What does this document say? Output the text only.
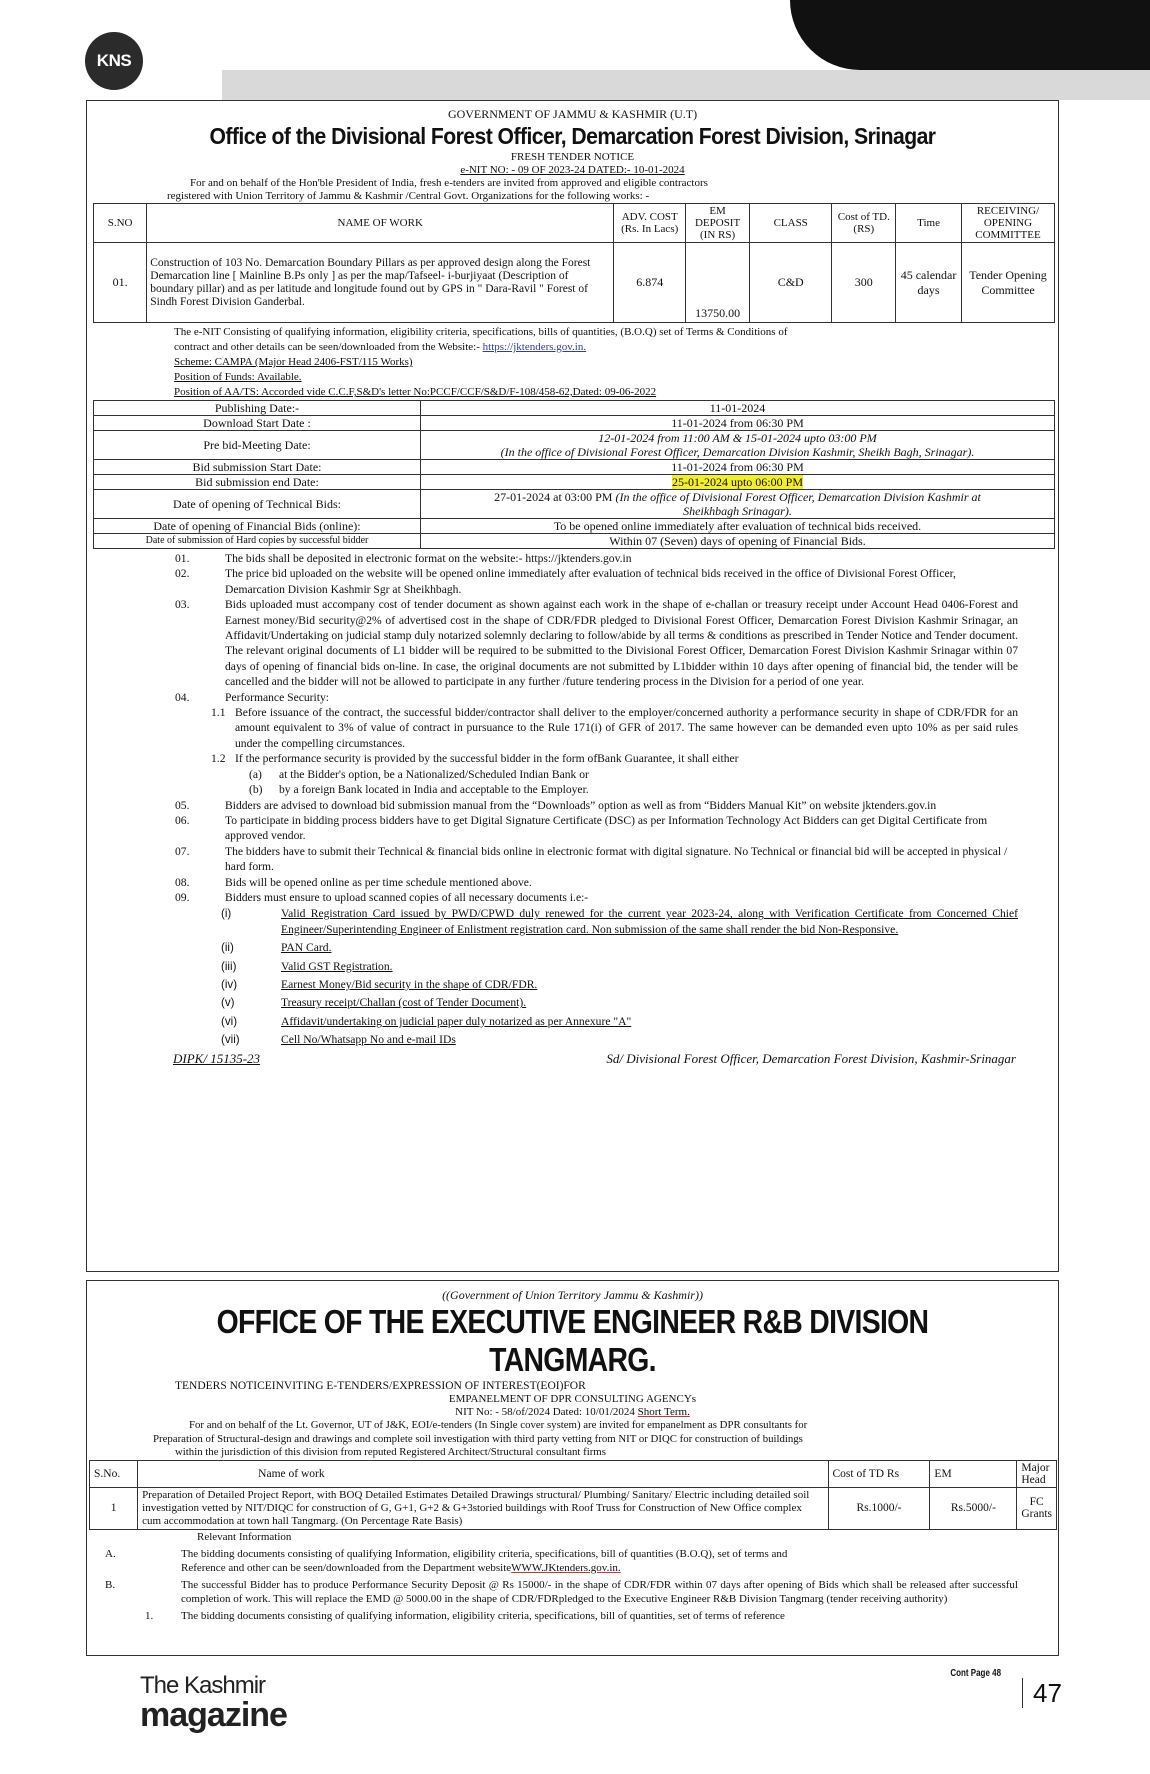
KNS
GOVERNMENT OF JAMMU & KASHMIR (U.T)
Office of the Divisional Forest Officer, Demarcation Forest Division, Srinagar
FRESH TENDER NOTICE
e-NIT NO: - 09 OF 2023-24 DATED:- 10-01-2024
For and on behalf of the Hon'ble President of India, fresh e-tenders are invited from approved and eligible contractors
registered with Union Territory of Jammu & Kashmir /Central Govt. Organizations for the following works: -
S.NO	NAME OF WORK	ADV. COST (Rs. In Lacs)	EM DEPOSIT (IN RS)	CLASS	Cost of TD. (RS)	Time	RECEIVING/ OPENING COMMITTEE
01.	Construction of 103 No. Demarcation Boundary Pillars as per approved design along the Forest Demarcation line [ Mainline B.Ps only ] as per the map/Tafseel- i-burjiyaat (Description of boundary pillar) and as per latitude and longitude found out by GPS in " Dara-Ravil " Forest of Sindh Forest Division Ganderbal.	6.874	13750.00	C&D	300	45 calendar days	Tender Opening Committee
The e-NIT Consisting of qualifying information, eligibility criteria, specifications, bills of quantities, (B.O.Q) set of Terms & Conditions of
contract and other details can be seen/downloaded from the Website:- https://jktenders.gov.in.
Scheme: CAMPA (Major Head 2406-FST/115 Works)
Position of Funds: Available.
Position of AA/TS: Accorded vide C.C.F,S&D's letter No:PCCF/CCF/S&D/F-108/458-62,Dated: 09-06-2022
Publishing Date:-	11-01-2024
Download Start Date :	11-01-2024 from 06:30 PM
Pre bid-Meeting Date:	12-01-2024 from 11:00 AM & 15-01-2024 upto 03:00 PM
(In the office of Divisional Forest Officer, Demarcation Division Kashmir, Sheikh Bagh, Srinagar).

Bid submission Start Date:	11-01-2024 from 06:30 PM
Bid submission end Date:	25-01-2024 upto 06:00 PM
Date of opening of Technical Bids:	27-01-2024 at 03:00 PM (In the office of Divisional Forest Officer, Demarcation Division Kashmir at
Sheikhbagh Srinagar).

Date of opening of Financial Bids (online):	To be opened online immediately after evaluation of technical bids received.
Date of submission of Hard copies by successful bidder	Within 07 (Seven) days of opening of Financial Bids.
01.	The bids shall be deposited in electronic format on the website:- https://jktenders.gov.in
02.	The price bid uploaded on the website will be opened online immediately after evaluation of technical bids received in the office of Divisional Forest Officer, Demarcation Division Kashmir Sgr at Sheikhbagh.
03.	Bids uploaded must accompany cost of tender document as shown against each work in the shape of e-challan or treasury receipt under Account Head 0406-Forest and Earnest money/Bid security@2% of advertised cost in the shape of CDR/FDR pledged to Divisional Forest Officer, Demarcation Forest Division Kashmir Srinagar, an Affidavit/Undertaking on judicial stamp duly notarized solemnly declaring to follow/abide by all terms & conditions as prescribed in Tender Notice and Tender document. The relevant original documents of L1 bidder will be required to be submitted to the Divisional Forest Officer, Demarcation Forest Division Kashmir Srinagar within 07 days of opening of financial bids on-line. In case, the original documents are not submitted by L1bidder within 10 days after opening of financial bid, the tender will be cancelled and the bidder will not be allowed to participate in any further /future tendering process in the Division for a period of one year.
04.	Performance Security:
1.1 Before issuance of the contract, the successful bidder/contractor shall deliver to the employer/concerned authority a performance security in shape of CDR/FDR for an amount equivalent to 3% of value of contract in pursuance to the Rule 171(i) of GFR of 2017. The same however can be demanded even upto 10% as per said rules under the compelling circumstances.
1.2 If the performance security is provided by the successful bidder in the form ofBank Guarantee, it shall either
(a)	at the Bidder's option, be a Nationalized/Scheduled Indian Bank or
(b)	by a foreign Bank located in India and acceptable to the Employer.
05.	Bidders are advised to download bid submission manual from the “Downloads” option as well as from “Bidders Manual Kit” on website jktenders.gov.in
06.	To participate in bidding process bidders have to get Digital Signature Certificate (DSC) as per Information Technology Act Bidders can get Digital Certificate from approved vendor.
07.	The bidders have to submit their Technical & financial bids online in electronic format with digital signature. No Technical or financial bid will be accepted in physical / hard form.
08.	Bids will be opened online as per time schedule mentioned above.
09.	Bidders must ensure to upload scanned copies of all necessary documents i.e:-
(i)	Valid Registration Card issued by PWD/CPWD duly renewed for the current year 2023-24, along with Verification Certificate from Concerned Chief Engineer/Superintending Engineer of Enlistment registration card. Non submission of the same shall render the bid Non-Responsive.
(ii)	PAN Card.
(iii)	Valid GST Registration.
(iv)	Earnest Money/Bid security in the shape of CDR/FDR.
(v)	Treasury receipt/Challan (cost of Tender Document).
(vi)	Affidavit/undertaking on judicial paper duly notarized as per Annexure "A"
(vii)	Cell No/Whatsapp No and e-mail IDs
DIPK/ 15135-23	Sd/ Divisional Forest Officer, Demarcation Forest Division, Kashmir-Srinagar
((Government of Union Territory Jammu & Kashmir))
OFFICE OF THE EXECUTIVE ENGINEER R&B DIVISION TANGMARG.
TENDERS NOTICEINVITING E-TENDERS/EXPRESSION OF INTEREST(EOI)FOR
EMPANELMENT OF DPR CONSULTING AGENCYs
NIT No: - 58/of/2024 Dated: 10/01/2024 Short Term.
For and on behalf of the Lt. Governor, UT of J&K, EOI/e-tenders (In Single cover system) are invited for empanelment as DPR consultants for
Preparation of Structural-design and drawings and complete soil investigation with third party vetting from NIT or DIQC for construction of buildings
within the jurisdiction of this division from reputed Registered Architect/Structural consultant firms
S.No.	Name of work	Cost of TD Rs	EM	Major Head
1	Preparation of Detailed Project Report, with BOQ Detailed Estimates Detailed Drawings structural/ Plumbing/ Sanitary/ Electric including detailed soil investigation vetted by NIT/DIQC for construction of G, G+1, G+2 & G+3storied buildings with Roof Truss for Construction of New Office complex cum accommodation at town hall Tangmarg. (On Percentage Rate Basis)	Rs.1000/-	Rs.5000/-	FC Grants
Relevant Information
A.	The bidding documents consisting of qualifying Information, eligibility criteria, specifications, bill of quantities (B.O.Q), set of terms and
Reference and other can be seen/downloaded from the Department websiteWWW.JKtenders.gov.in.
B.	The successful Bidder has to produce Performance Security Deposit @ Rs 15000/- in the shape of CDR/FDR within 07 days after opening of Bids which shall be released after successful completion of work. This will replace the EMD @ 5000.00 in the shape of CDR/FDRpledged to the Executive Engineer R&B Division Tangmarg (tender receiving authority)
1.	The bidding documents consisting of qualifying information, eligibility criteria, specifications, bill of quantities, set of terms of reference
The Kashmir
magazine
Cont Page 48
47
